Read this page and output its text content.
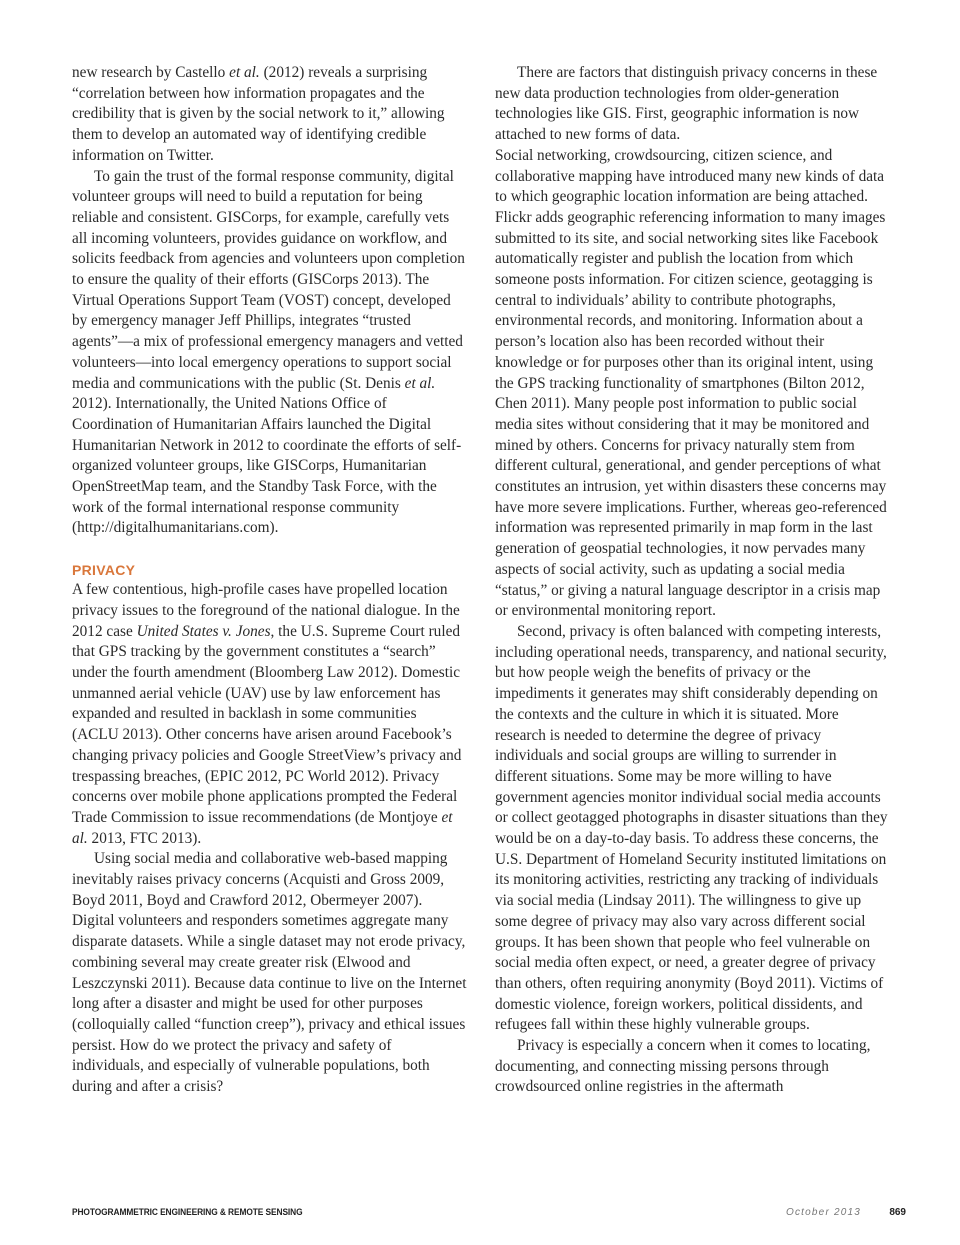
new research by Castello et al. (2012) reveals a surprising “correlation between how information propagates and the credibility that is given by the social network to it,” allowing them to develop an automated way of identifying credible information on Twitter.

To gain the trust of the formal response community, digital volunteer groups will need to build a reputation for being reliable and consistent. GISCorps, for example, carefully vets all incoming volunteers, provides guidance on workflow, and solicits feedback from agencies and volunteers upon completion to ensure the quality of their efforts (GISCorps 2013). The Virtual Operations Support Team (VOST) concept, developed by emergency manager Jeff Phillips, integrates “trusted agents”—a mix of professional emergency managers and vetted volunteers—into local emergency operations to support social media and communications with the public (St. Denis et al. 2012). Internationally, the United Nations Office of Coordination of Humanitarian Affairs launched the Digital Humanitarian Network in 2012 to coordinate the efforts of self-organized volunteer groups, like GISCorps, Humanitarian OpenStreetMap team, and the Standby Task Force, with the work of the formal international response community (http://digitalhumanitarians.com).

PRIVACY

A few contentious, high-profile cases have propelled location privacy issues to the foreground of the national dialogue. In the 2012 case United States v. Jones, the U.S. Supreme Court ruled that GPS tracking by the government constitutes a “search” under the fourth amendment (Bloomberg Law 2012). Domestic unmanned aerial vehicle (UAV) use by law enforcement has expanded and resulted in backlash in some communities (ACLU 2013). Other concerns have arisen around Facebook’s changing privacy policies and Google StreetView’s privacy and trespassing breaches, (EPIC 2012, PC World 2012). Privacy concerns over mobile phone applications prompted the Federal Trade Commission to issue recommendations (de Montjoye et al. 2013, FTC 2013).

Using social media and collaborative web-based mapping inevitably raises privacy concerns (Acquisti and Gross 2009, Boyd 2011, Boyd and Crawford 2012, Obermeyer 2007). Digital volunteers and responders sometimes aggregate many disparate datasets. While a single dataset may not erode privacy, combining several may create greater risk (Elwood and Leszczynski 2011). Because data continue to live on the Internet long after a disaster and might be used for other purposes (colloquially called “function creep”), privacy and ethical issues persist. How do we protect the privacy and safety of individuals, and especially of vulnerable populations, both during and after a crisis?

There are factors that distinguish privacy concerns in these new data production technologies from older-generation technologies like GIS. First, geographic information is now attached to new forms of data.

Social networking, crowdsourcing, citizen science, and collaborative mapping have introduced many new kinds of data to which geographic location information are being attached. Flickr adds geographic referencing information to many images submitted to its site, and social networking sites like Facebook automatically register and publish the location from which someone posts information. For citizen science, geotagging is central to individuals’ ability to contribute photographs, environmental records, and monitoring. Information about a person’s location also has been recorded without their knowledge or for purposes other than its original intent, using the GPS tracking functionality of smartphones (Bilton 2012, Chen 2011). Many people post information to public social media sites without considering that it may be monitored and mined by others. Concerns for privacy naturally stem from different cultural, generational, and gender perceptions of what constitutes an intrusion, yet within disasters these concerns may have more severe implications. Further, whereas geo-referenced information was represented primarily in map form in the last generation of geospatial technologies, it now pervades many aspects of social activity, such as updating a social media “status,” or giving a natural language descriptor in a crisis map or environmental monitoring report.

Second, privacy is often balanced with competing interests, including operational needs, transparency, and national security, but how people weigh the benefits of privacy or the impediments it generates may shift considerably depending on the contexts and the culture in which it is situated. More research is needed to determine the degree of privacy individuals and social groups are willing to surrender in different situations. Some may be more willing to have government agencies monitor individual social media accounts or collect geotagged photographs in disaster situations than they would be on a day-to-day basis. To address these concerns, the U.S. Department of Homeland Security instituted limitations on its monitoring activities, restricting any tracking of individuals via social media (Lindsay 2011). The willingness to give up some degree of privacy may also vary across different social groups. It has been shown that people who feel vulnerable on social media often expect, or need, a greater degree of privacy than others, often requiring anonymity (Boyd 2011). Victims of domestic violence, foreign workers, political dissidents, and refugees fall within these highly vulnerable groups.

Privacy is especially a concern when it comes to locating, documenting, and connecting missing persons through crowdsourced online registries in the aftermath

PHOTOGRAMMETRIC ENGINEERING & REMOTE SENSING	October 2013	869
